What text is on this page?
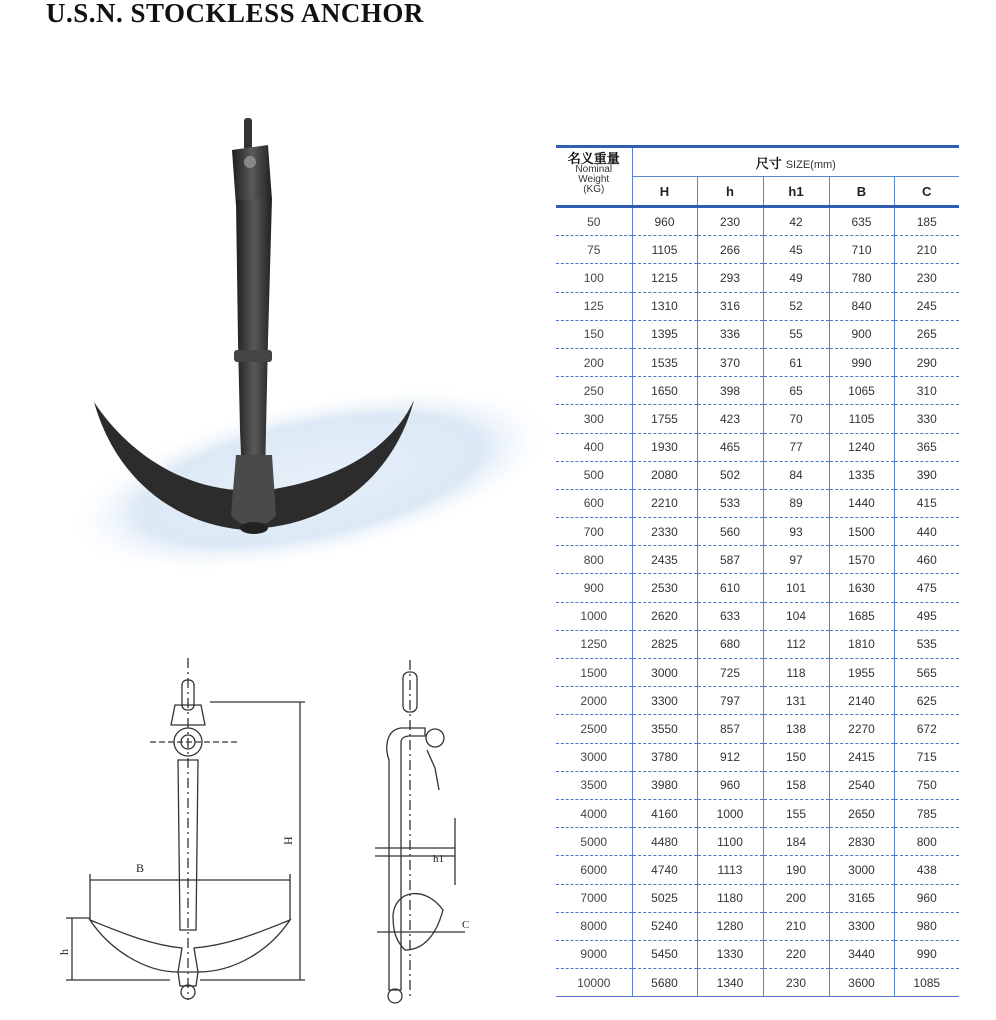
U.S.N. STOCKLESS ANCHOR
B
H
h
h1
C
名义重量
Nominal
Weight
(KG)	尺寸 SIZE(mm)				
	H	h	h1	B	C
50	960	230	42	635	185
75	1105	266	45	710	210
100	1215	293	49	780	230
125	1310	316	52	840	245
150	1395	336	55	900	265
200	1535	370	61	990	290
250	1650	398	65	1065	310
300	1755	423	70	1105	330
400	1930	465	77	1240	365
500	2080	502	84	1335	390
600	2210	533	89	1440	415
700	2330	560	93	1500	440
800	2435	587	97	1570	460
900	2530	610	101	1630	475
1000	2620	633	104	1685	495
1250	2825	680	112	1810	535
1500	3000	725	118	1955	565
2000	3300	797	131	2140	625
2500	3550	857	138	2270	672
3000	3780	912	150	2415	715
3500	3980	960	158	2540	750
4000	4160	1000	155	2650	785
5000	4480	1100	184	2830	800
6000	4740	1113	190	3000	438
7000	5025	1180	200	3165	960
8000	5240	1280	210	3300	980
9000	5450	1330	220	3440	990
10000	5680	1340	230	3600	1085
